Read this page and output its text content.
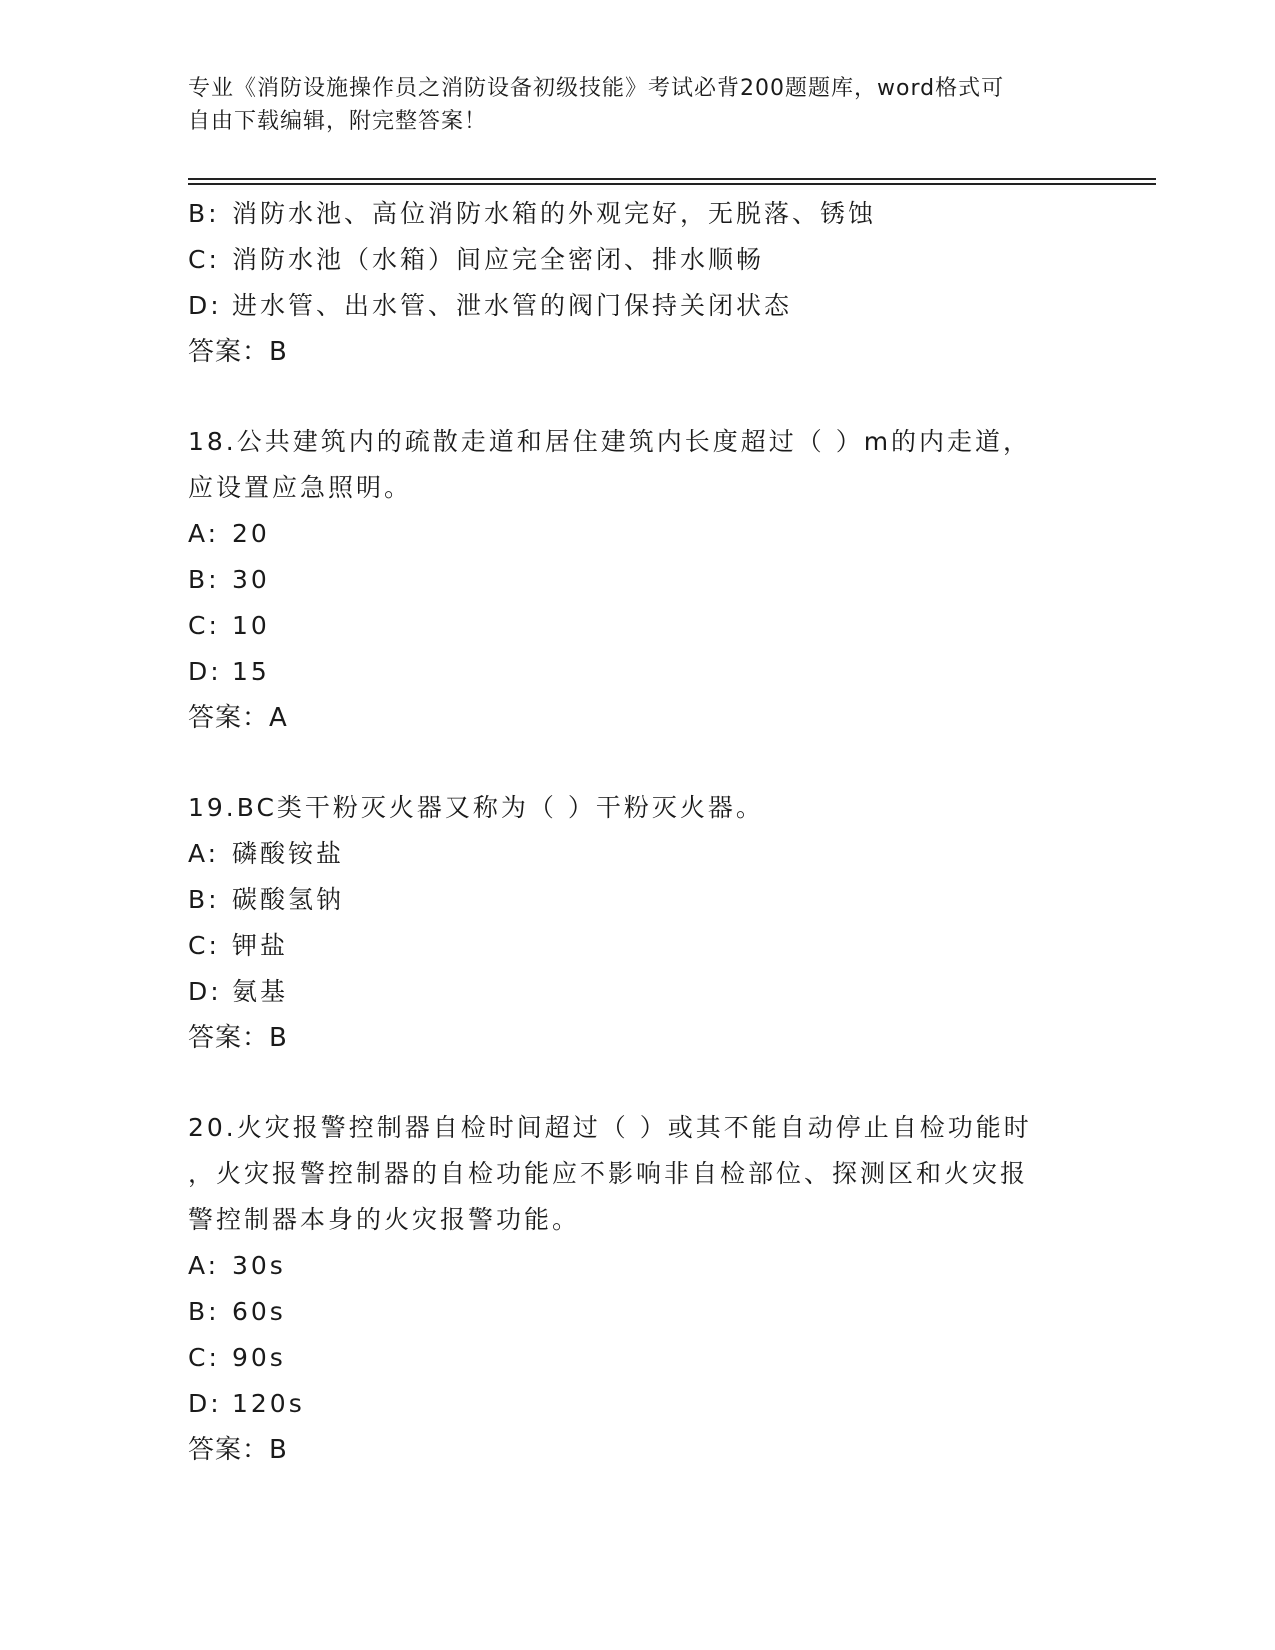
专业《消防设施操作员之消防设备初级技能》考试必背200题题库，word格式可
自由下载编辑，附完整答案！
B: 消防水池、高位消防水箱的外观完好，无脱落、锈蚀
C: 消防水池（水箱）间应完全密闭、排水顺畅
D: 进水管、出水管、泄水管的阀门保持关闭状态
答案：B
18.公共建筑内的疏散走道和居住建筑内长度超过（ ）m的内走道，
应设置应急照明。
A: 20
B: 30
C: 10
D: 15
答案：A
19.BC类干粉灭火器又称为（ ）干粉灭火器。
A: 磷酸铵盐
B: 碳酸氢钠
C: 钾盐
D: 氨基
答案：B
20.火灾报警控制器自检时间超过（ ）或其不能自动停止自检功能时
，火灾报警控制器的自检功能应不影响非自检部位、探测区和火灾报
警控制器本身的火灾报警功能。
A: 30s
B: 60s
C: 90s
D: 120s
答案：B
